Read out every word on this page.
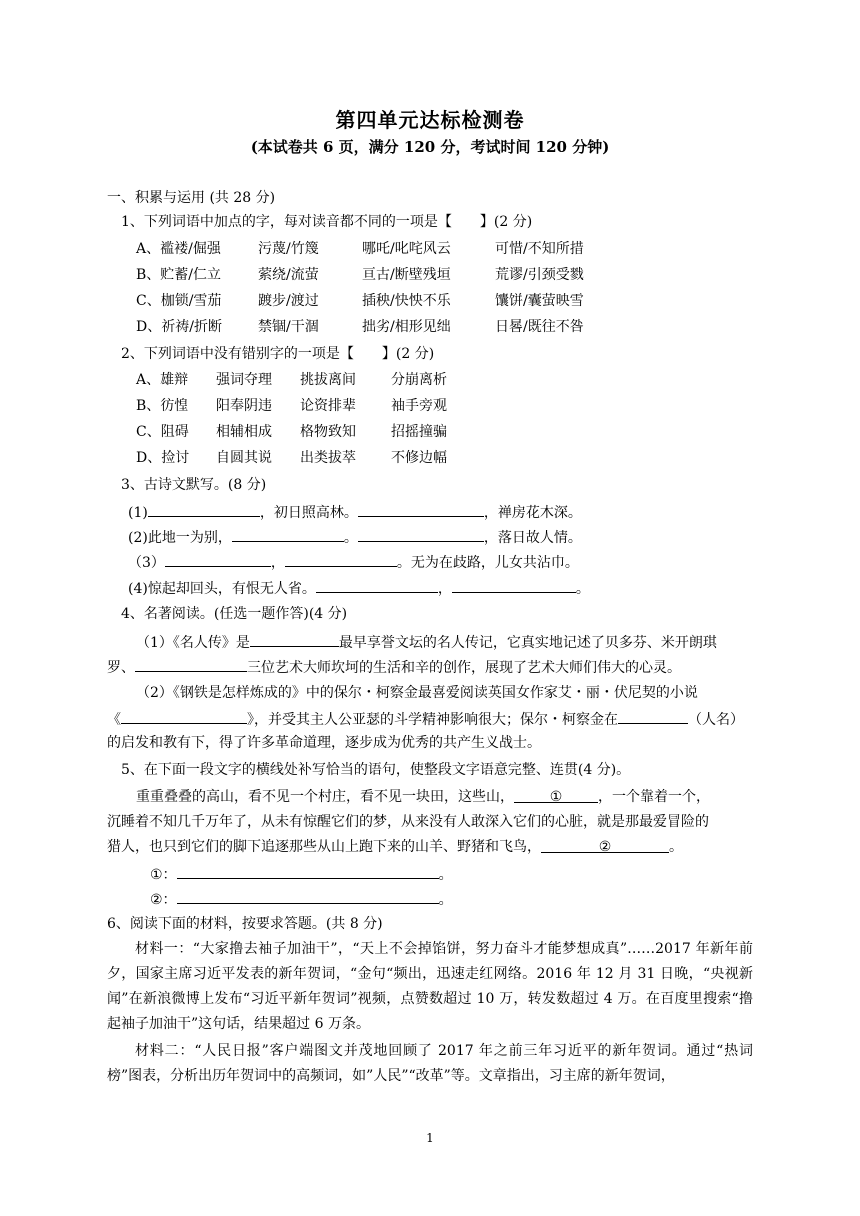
第四单元达标检测卷
(本试卷共 6 页，满分 120 分，考试时间 120 分钟)
一、积累与运用 (共 28 分)
1、下列词语中加点的字，每对读音都不同的一项是【　　】(2 分)
A、褴褛/倔强	污蔑/竹篾	哪吒/叱咤风云	可惜/不知所措
B、贮蓄/仁立	萦绕/流萤	亘古/断壁残垣	荒谬/引颈受戮
C、枷锁/雪茄	踱步/渡过	插秧/快怏不乐	馕饼/囊萤映雪
D、祈祷/折断	禁锢/干涸	拙劣/相形见绌	日晷/既往不咎
2、下列词语中没有错别字的一项是【　　】(2 分)
A、雄辩 强词夺理 挑拔离间	分崩离析
B、彷惶 阳奉阴违 论资排辈	袖手旁观
C、阻碍 相辅相成 格物致知	招摇撞骗
D、捡讨 自圆其说 出类拔萃	不修边幅
3、古诗文默写。(8 分)
(1)	，初日照高林。	，禅房花木深。
(2)此地一为别，	。	，落日故人情。
（3）	，	。无为在歧路，儿女共沾巾。
(4)惊起却回头，有恨无人省。	，	。
4、名著阅读。(任选一题作答)(4 分)
（1）《名人传》是	最早享誉文坛的名人传记，它真实地记述了贝多芬、米开朗琪
罗、	三位艺术大师坎坷的生活和辛的创作，展现了艺术大师们伟大的心灵。
（2）《钢铁是怎样炼成的》中的保尔・柯察金最喜爱阅读英国女作家艾・丽・伏尼契的小说
《	》，并受其主人公亚瑟的斗学精神影响很大；保尔・柯察金在	（人名）
的启发和教有下，得了许多革命道理，逐步成为优秀的共产生义战士。
5、在下面一段文字的横线处补写恰当的语句，使整段文字语意完整、连贯(4 分)。
重重叠叠的高山，看不见一个村庄，看不见一块田，这些山，	①	，一个靠着一个，
沉睡着不知几千万年了，从未有惊醒它们的梦，从来没有人敢深入它们的心脏，就是那最爱冒险的
猎人，也只到它们的脚下追逐那些从山上跑下来的山羊、野猪和飞鸟，	②	。
①：	。
②：	。
6、阅读下面的材料，按要求答题。(共 8 分)
材料一：“大家撸去袖子加油干”，“天上不会掉馅饼，努力奋斗才能梦想成真”……2017 年新年前夕，国家主席习近平发表的新年贺词，“金句“频出，迅速走红网络。2016 年 12 月 31 日晚，“央视新闻”在新浪微博上发布“习近平新年贺词”视频，点赞数超过 10 万，转发数超过 4 万。在百度里搜索“撸起袖子加油干”这句话，结果超过 6 万条。
材料二：“人民日报”客户端图文并茂地回顾了 2017 年之前三年习近平的新年贺词。通过“热词榜”图表，分析出历年贺词中的高频词，如”人民”“改革”等。文章指出，习主席的新年贺词，
1
